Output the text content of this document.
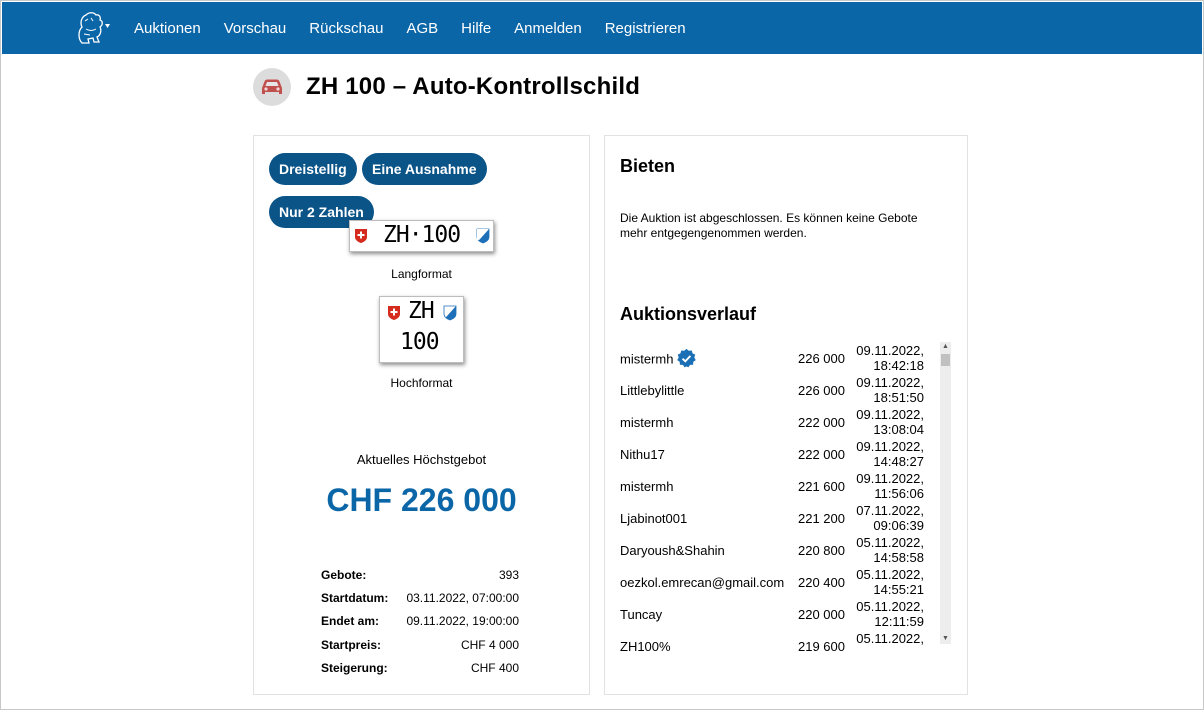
Auktionen Vorschau Rückschau AGB Hilfe Anmelden Registrieren
ZH 100 – Auto-Kontrollschild
Dreistellig	Eine Ausnahme
Nur 2 Zahlen
ZH·100
Langformat
ZH
100
Hochformat
Aktuelles Höchstgebot
CHF 226 000
Gebote:	393
Startdatum: 03.11.2022, 07:00:00
Endet am: 09.11.2022, 19:00:00
Startpreis:	CHF 4 000
Steigerung:	CHF 400
Bieten
Die Auktion ist abgeschlossen. Es können keine Gebote mehr entgegengenommen werden.
Auktionsverlauf
mistermh	226 000
09.11.2022,
18:42:18
Littlebylittle	226 000
09.11.2022,
18:51:50
mistermh	222 000
09.11.2022,
13:08:04
Nithu17	222 000
09.11.2022,
14:48:27
mistermh	221 600
09.11.2022,
11:56:06
Ljabinot001	221 200
07.11.2022,
09:06:39
Daryoush&Shahin	220 800
05.11.2022,
14:58:58
oezkol.emrecan@gmail.com 220 400
05.11.2022,
14:55:21
Tuncay	220 000
05.11.2022,
12:11:59
ZH100%	219 600
05.11.2022,
▲
▼
